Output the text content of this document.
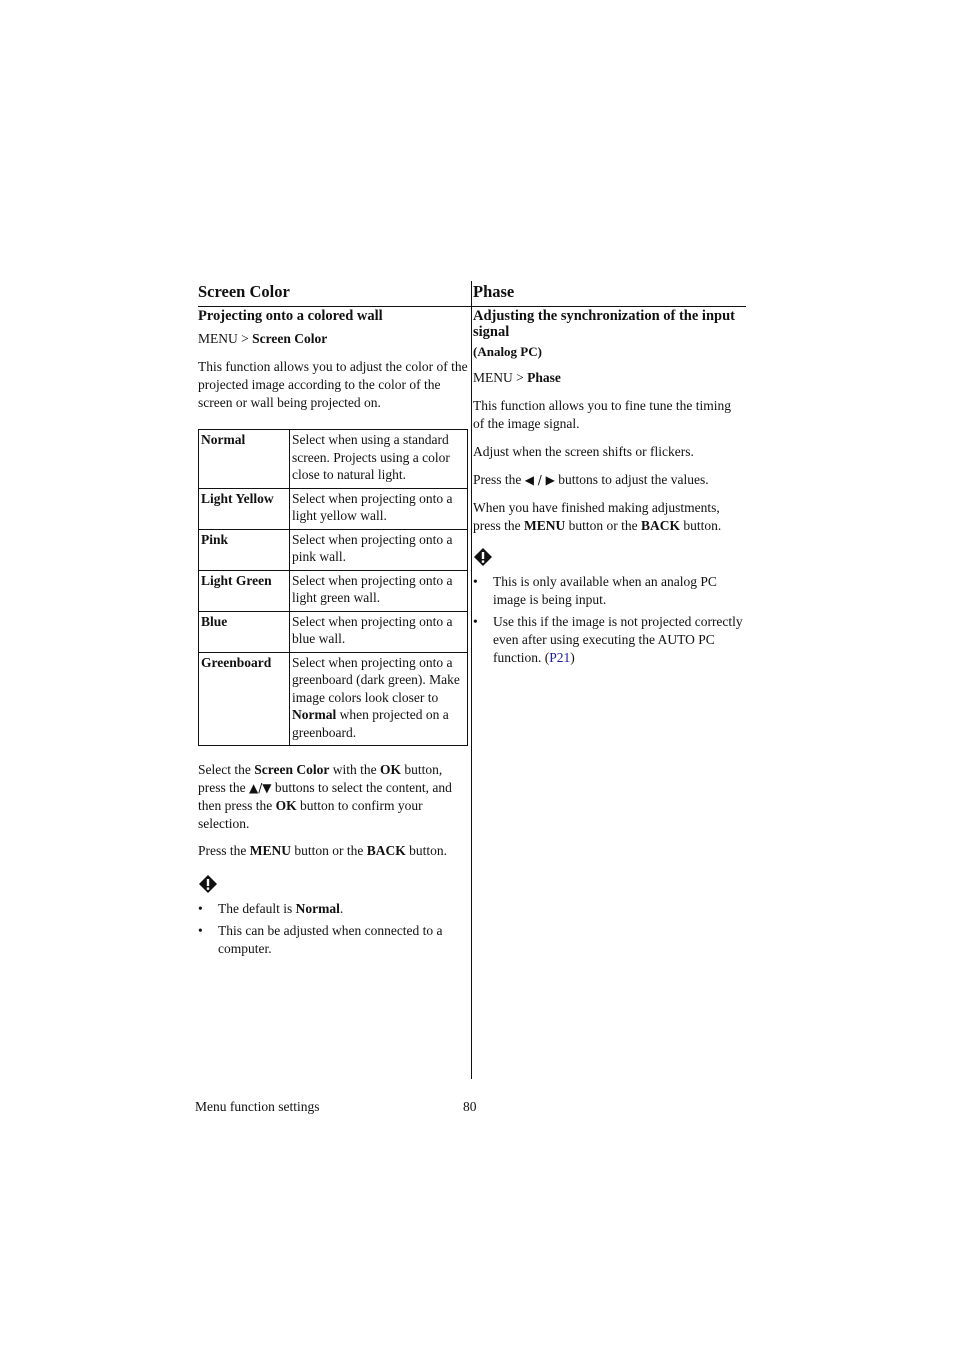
Screen Color
Projecting onto a colored wall
MENU > Screen Color

This function allows you to adjust the color of the projected image according to the color of the screen or wall being projected on.

Normal	Select when using a standard screen. Projects using a color close to natural light.
Light Yellow	Select when projecting onto a light yellow wall.
Pink	Select when projecting onto a pink wall.
Light Green	Select when projecting onto a light green wall.
Blue	Select when projecting onto a blue wall.
Greenboard	Select when projecting onto a greenboard (dark green). Make image colors look closer to Normal when projected on a greenboard.

Select the Screen Color with the OK button, press the ▲/▼ buttons to select the content, and then press the OK button to confirm your selection.

Press the MENU button or the BACK button.

• The default is Normal.
• This can be adjusted when connected to a computer.
Phase
Adjusting the synchronization of the input signal
(Analog PC)
MENU > Phase

This function allows you to fine tune the timing of the image signal.

Adjust when the screen shifts or flickers.

Press the ◀ / ▶ buttons to adjust the values.

When you have finished making adjustments, press the MENU button or the BACK button.

• This is only available when an analog PC image is being input.
• Use this if the image is not projected correctly even after using executing the AUTO PC function. (P21)
Menu function settings	80
